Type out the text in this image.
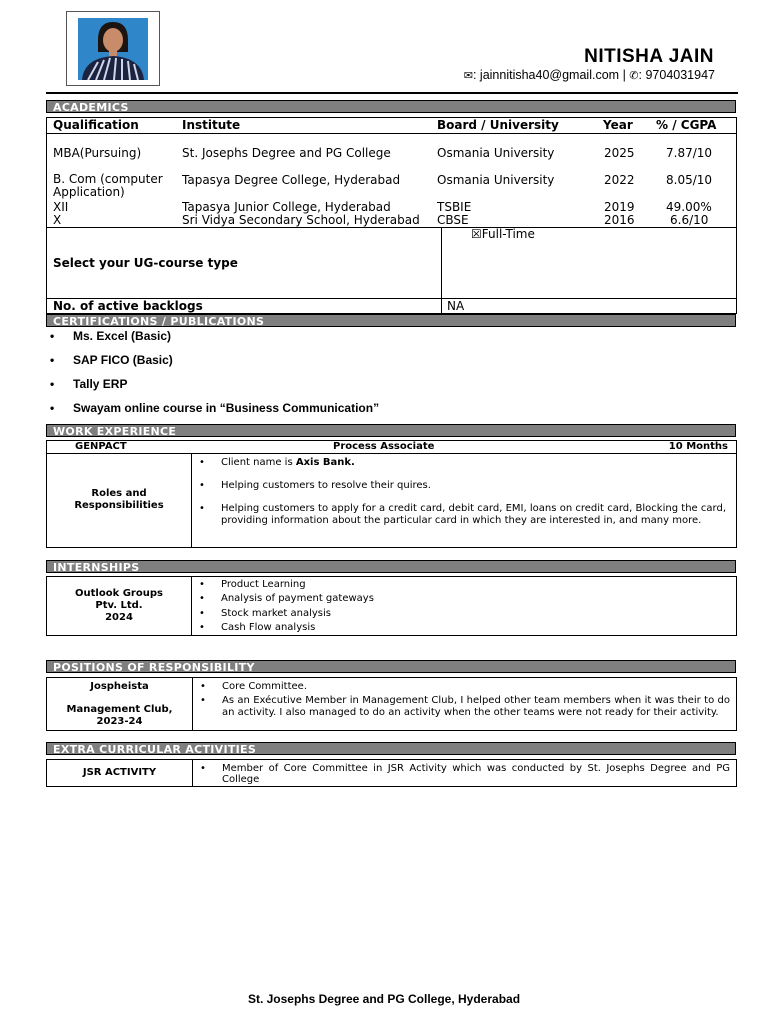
NITISHA JAIN
✉: jainnitisha40@gmail.com | ✆: 9704031947
ACADEMICS
Qualification	Institute	Board / University	Year % / CGPA
MBA(Pursuing)	St. Josephs Degree and PG College	Osmania University	2025	7.87/10
B. Com (computer Application)
Tapasya Degree College, Hyderabad	Osmania University	2022	8.05/10
XII	Tapasya Junior College, Hyderabad	TSBIE	2019	49.00%
X	Sri Vidya Secondary School, Hyderabad CBSE	2016	6.6/10
Select your UG-course type
☒Full-Time
No. of active backlogs	NA
CERTIFICATIONS / PUBLICATIONS
• Ms. Excel (Basic)
• SAP FICO (Basic)
• Tally ERP
• Swayam online course in “Business Communication”
WORK EXPERIENCE
GENPACT	Process Associate	10 Months
Roles and Responsibilities
• Client name is Axis Bank.
• Helping customers to resolve their quires.
• Helping customers to apply for a credit card, debit card, EMI, loans on credit card, Blocking the card, providing information about the particular card in which they are interested in, and many more.
INTERNSHIPS
Outlook Groups Ptv. Ltd.
2024
• Product Learning
• Analysis of payment gateways
• Stock market analysis
• Cash Flow analysis
POSITIONS OF RESPONSIBILITY
Jospheista
Management Club, 2023-24
• Core Committee.
• As an Exécutive Member in Management Club, I helped other team members when it was their to do an activity. I also managed to do an activity when the other teams were not ready for their activity.
EXTRA CURRICULAR ACTIVITIES
JSR ACTIVITY
•	Member of Core Committee in JSR Activity which was conducted by St. Josephs Degree and PG College
St. Josephs Degree and PG College, Hyderabad
